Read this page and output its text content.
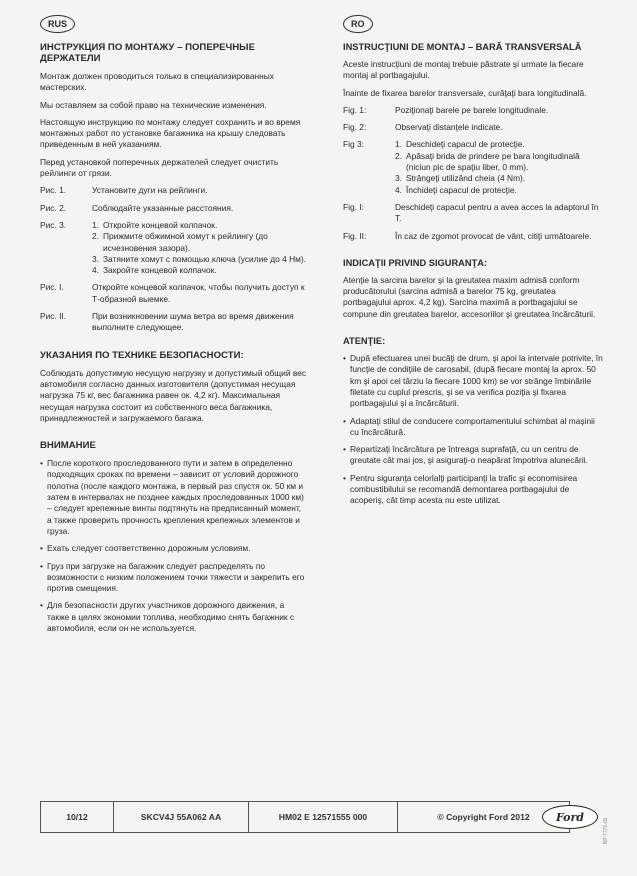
RUS
ИНСТРУКЦИЯ ПО МОНТАЖУ – ПОПЕРЕЧНЫЕ ДЕРЖАТЕЛИ
Монтаж должен проводиться только в специализированных мастерских.
Мы оставляем за собой право на технические изменения.
Настоящую инструкцию по монтажу следует сохранить и во время монтажных работ по установке багажника на крышу следовать приведенным в ней указаниям.
Перед установкой поперечных держателей следует очистить рейлинги от грязи.
Рис. 1.	Установите дуги на рейлинги.
Рис. 2.	Соблюдайте указанные расстояния.
Рис. 3.	1. Откройте концевой колпачок.
2. Прижмите обжимной хомут к рейлингу (до исчезновения зазора).
3. Затяните хомут с помощью ключа (усилие до 4 Нм).
4. Закройте концевой колпачок.
Рис. I.	Откройте концевой колпачок, чтобы получить доступ к Т-образной выемке.
Рис. II.	При возникновении шума ветра во время движения выполните следующее.
УКАЗАНИЯ ПО ТЕХНИКЕ БЕЗОПАСНОСТИ:
Соблюдать допустимую несущую нагрузку и допустимый общий вес автомобиля согласно данных изготовителя (допустимая несущая нагрузка 75 кг, вес багажника равен ок. 4,2 кг). Максимальная несущая нагрузка состоит из собственного веса багажника, принадлежностей и загружаемого багажа.
ВНИМАНИЕ
• После короткого проследованного пути и затем в определенно подходящих сроках по времени – зависит от условий дорожного полотна (после каждого монтажа, в первый раз спустя ок. 50 км и затем в интервалах не позднее каждых проследованных 1000 км) – следует крепежные винты подтянуть на предписанный момент, а также проверить прочность крепления крепежных элементов и груза.
• Ехать следует соответственно дорожным условиям.
• Груз при загрузке на багажник следует распределять по возможности с низким положением точки тяжести и закрепить его против смещения.
• Для безопасности других участников дорожного движения, а также в целях экономии топлива, необходимо снять багажник с автомобиля, если он не используется.
RO
INSTRUCŢIUNI DE MONTAJ – BARĂ TRANSVERSALĂ
Aceste instrucţiuni de montaj trebuie păstrate şi urmate la fiecare montaj al portbagajului.
Înainte de fixarea barelor transversale, curăţaţi bara longitudinală.
Fig. 1:	Poziţionaţi barele pe barele longitudinale.
Fig. 2:	Observaţi distanţele indicate.
Fig 3:	1. Deschideţi capacul de protecţie.
2. Apăsaţi brida de prindere pe bara longitudinală (niciun pic de spaţiu liber, 0 mm).
3. Strângeţi utilizând cheia (4 Nm).
4. Închideţi capacul de protecţie.
Fig. I:	Deschideţi capacul pentru a avea acces la adaptorul în T.
Fig. II:	În caz de zgomot provocat de vânt, citiţi următoarele.
INDICAŢII PRIVIND SIGURANŢA:
Atenţie la sarcina barelor şi la greutatea maxim admisă conform producătorului (sarcina admisă a barelor 75 kg, greutatea portbagajului aprox. 4,2 kg). Sarcina maximă a portbagajului se compune din greutatea barelor, accesoriilor şi greutatea încărcăturii.
ATENŢIE:
• După efectuarea unei bucăţi de drum, şi apoi la intervale potrivite, în funcţie de condiţiile de carosabil, (după fiecare montaj la aprox. 50 km şi apoi cel târziu la fiecare 1000 km) se vor strânge îmbinările filetate cu cuplul prescris, şi se va verifica poziţia şi fixarea portbagajului şi a încărcăturii.
• Adaptaţi stilul de conducere comportamentului schimbat al maşinii cu încărcătură.
• Repartizaţi încărcătura pe întreaga suprafaţă, cu un centru de greutate cât mai jos, şi asiguraţi-o neapărat împotriva alunecării.
• Pentru siguranţa celorlalţi participanţi la trafic şi economisirea combustibilului se recomandă demontarea portbagajului de acoperiş, cât timp acesta nu este utilizat.
10/12	SKCV4J 55A062 AA	HM02 E 12571555 000	© Copyright Ford 2012	Ford
NT-7771-01
